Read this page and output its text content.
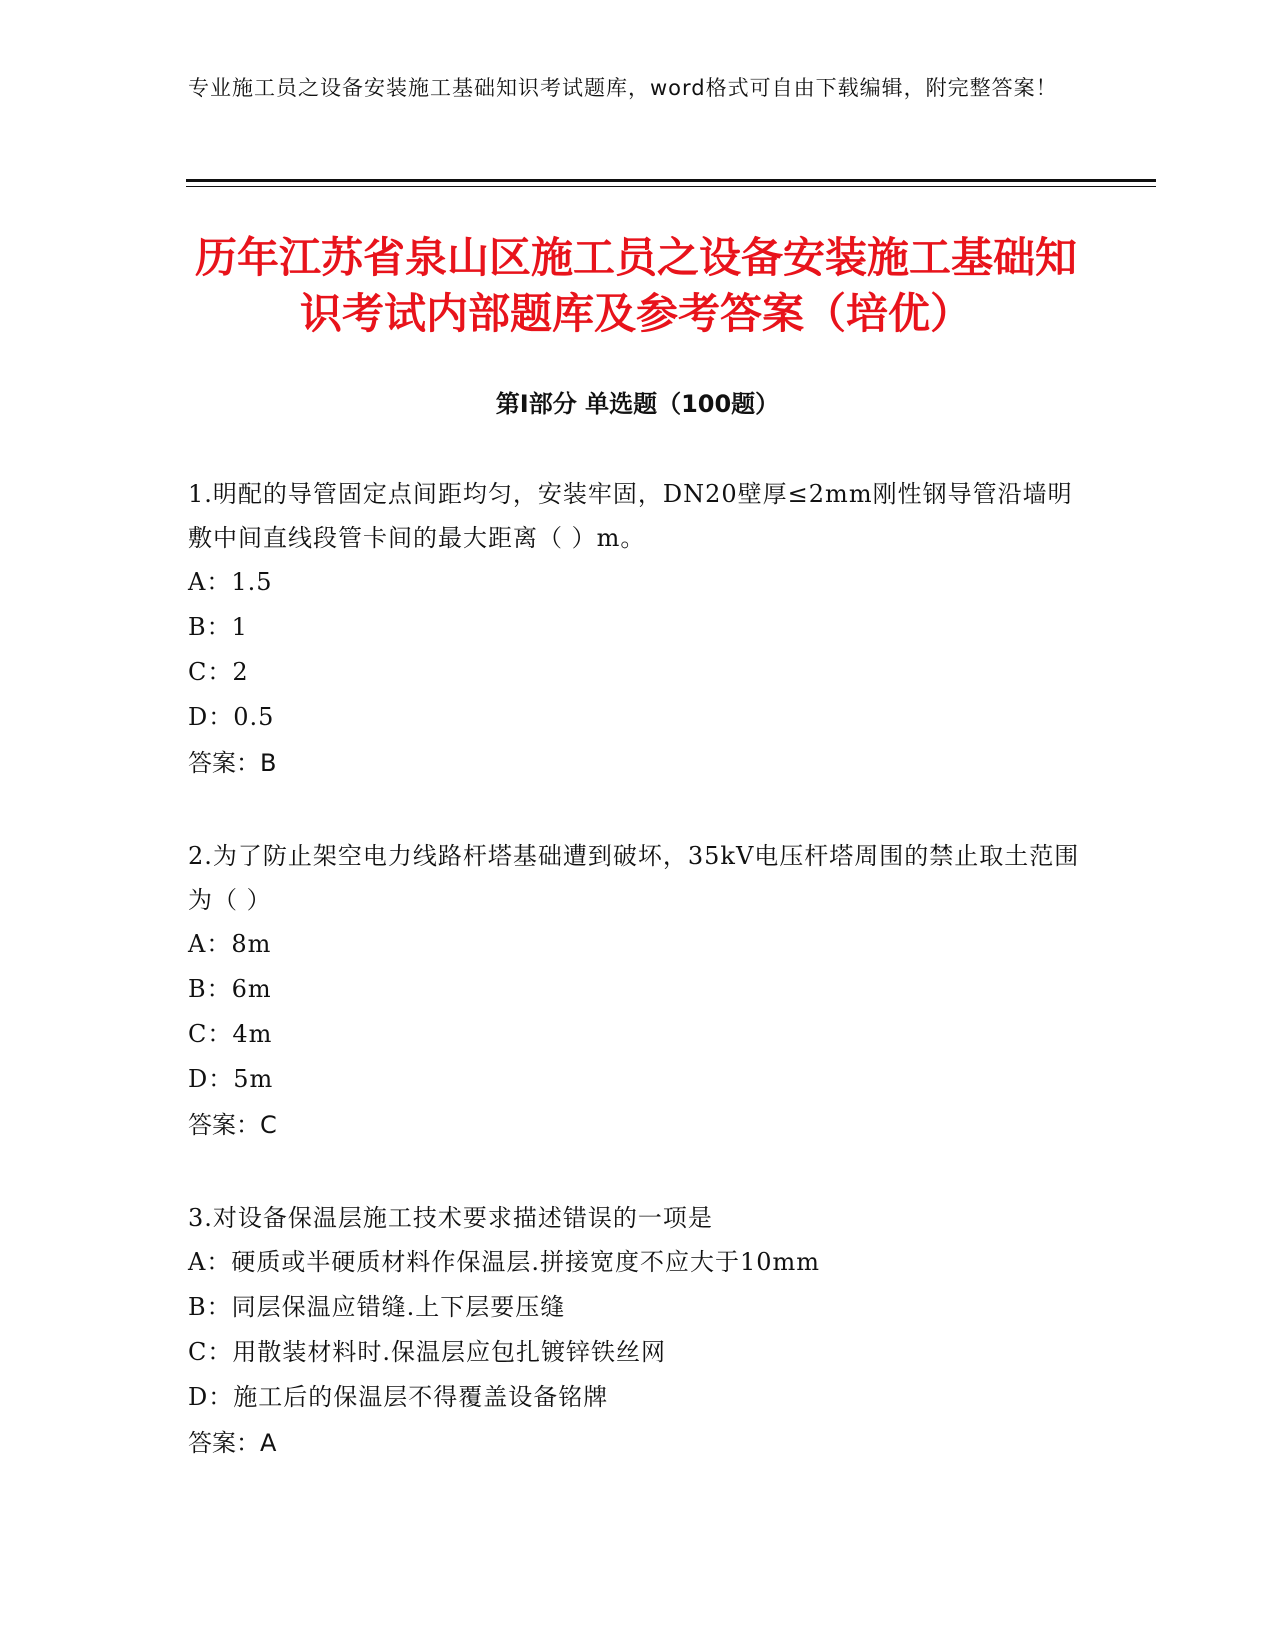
专业施工员之设备安装施工基础知识考试题库，word格式可自由下载编辑，附完整答案！
历年江苏省泉山区施工员之设备安装施工基础知识考试内部题库及参考答案（培优）
第Ⅰ部分 单选题（100题）
1.明配的导管固定点间距均匀，安装牢固，DN20壁厚≤2mm刚性钢导管沿墙明敷中间直线段管卡间的最大距离（ ）m。
A：1.5
B：1
C：2
D：0.5
答案：B
2.为了防止架空电力线路杆塔基础遭到破坏，35kV电压杆塔周围的禁止取土范围为（ ）
A：8m
B：6m
C：4m
D：5m
答案：C
3.对设备保温层施工技术要求描述错误的一项是
A：硬质或半硬质材料作保温层.拼接宽度不应大于10mm
B：同层保温应错缝.上下层要压缝
C：用散装材料时.保温层应包扎镀锌铁丝网
D：施工后的保温层不得覆盖设备铭牌
答案：A
